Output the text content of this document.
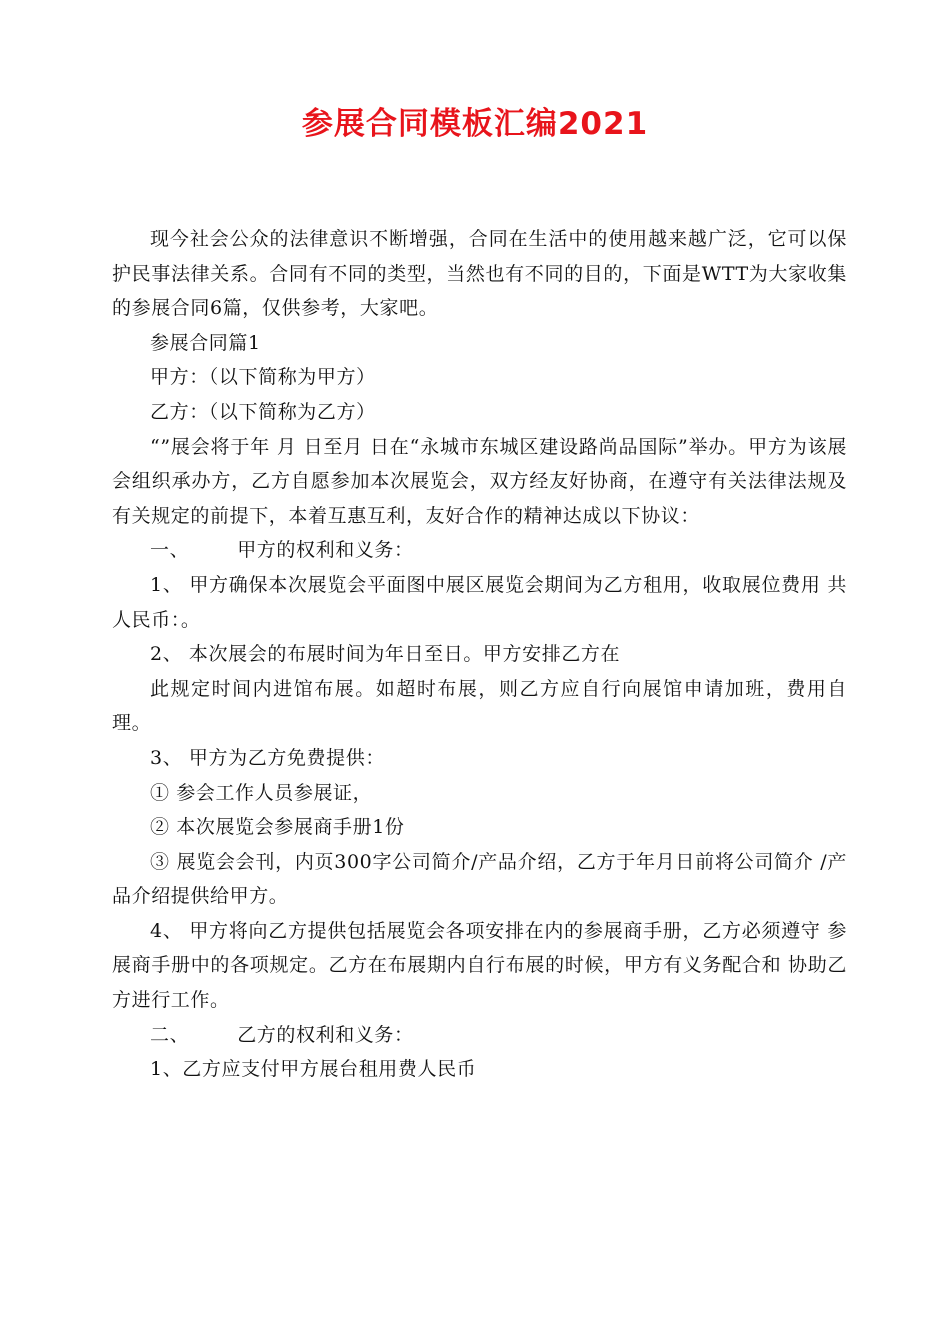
参展合同模板汇编2021

现今社会公众的法律意识不断增强，合同在生活中的使用越来越广泛，它可以保护民事法律关系。合同有不同的类型，当然也有不同的目的，下面是WTT为大家收集的参展合同6篇，仅供参考，大家吧。

参展合同篇1

甲方：（以下简称为甲方）

乙方：（以下简称为乙方）

“”展会将于年 月 日至月 日在“永城市东城区建设路尚品国际”举办。甲方为该展会组织承办方，乙方自愿参加本次展览会，双方经友好协商，在遵守有关法律法规及有关规定的前提下，本着互惠互利，友好合作的精神达成以下协议：

一、	甲方的权利和义务：

1、 甲方确保本次展览会平面图中展区展览会期间为乙方租用，收取展位费用 共人民币：。

2、 本次展会的布展时间为年日至日。甲方安排乙方在

此规定时间内进馆布展。如超时布展，则乙方应自行向展馆申请加班，费用自理。

3、 甲方为乙方免费提供：

① 参会工作人员参展证，

② 本次展览会参展商手册1份

③ 展览会会刊，内页300字公司简介/产品介绍，乙方于年月日前将公司简介 /产品介绍提供给甲方。

4、 甲方将向乙方提供包括展览会各项安排在内的参展商手册，乙方必须遵守 参展商手册中的各项规定。乙方在布展期内自行布展的时候，甲方有义务配合和 协助乙方进行工作。

二、	乙方的权利和义务：

1、乙方应支付甲方展台租用费人民币
